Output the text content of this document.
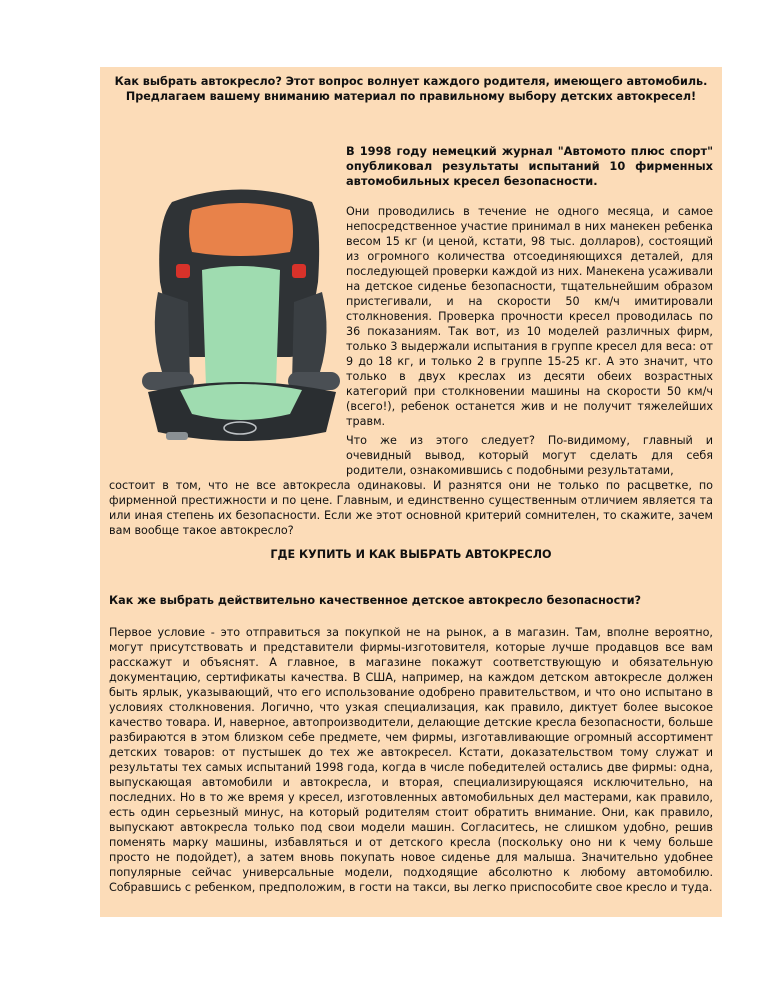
Как выбрать автокресло? Этот вопрос волнует каждого родителя, имеющего автомобиль. Предлагаем вашему вниманию материал по правильному выбору детских автокресел!

В 1998 году немецкий журнал "Автомото плюс спорт" опубликовал результаты испытаний 10 фирменных автомобильных кресел безопасности.

Они проводились в течение не одного месяца, и самое непосредственное участие принимал в них манекен ребенка весом 15 кг (и ценой, кстати, 98 тыс. долларов), состоящий из огромного количества отсоединяющихся деталей, для последующей проверки каждой из них. Манекена усаживали на детское сиденье безопасности, тщательнейшим образом пристегивали, и на скорости 50 км/ч имитировали столкновения. Проверка прочности кресел проводилась по 36 показаниям. Так вот, из 10 моделей различных фирм, только 3 выдержали испытания в группе кресел для веса: от 9 до 18 кг, и только 2 в группе 15-25 кг. А это значит, что только в двух креслах из десяти обеих возрастных категорий при столкновении машины на скорости 50 км/ч (всего!), ребенок останется жив и не получит тяжелейших травм.

Что же из этого следует? По-видимому, главный и очевидный вывод, который могут сделать для себя родители, ознакомившись с подобными результатами,

состоит в том, что не все автокресла одинаковы. И разнятся они не только по расцветке, по фирменной престижности и по цене. Главным, и единственно существенным отличием является та или иная степень их безопасности. Если же этот основной критерий сомнителен, то скажите, зачем вам вообще такое автокресло?

ГДЕ КУПИТЬ И КАК ВЫБРАТЬ АВТОКРЕСЛО

Как же выбрать действительно качественное детское автокресло безопасности?

Первое условие - это отправиться за покупкой не на рынок, а в магазин. Там, вполне вероятно, могут присутствовать и представители фирмы-изготовителя, которые лучше продавцов все вам расскажут и объяснят. А главное, в магазине покажут соответствующую и обязательную документацию, сертификаты качества. В США, например, на каждом детском автокресле должен быть ярлык, указывающий, что его использование одобрено правительством, и что оно испытано в условиях столкновения. Логично, что узкая специализация, как правило, диктует более высокое качество товара. И, наверное, автопроизводители, делающие детские кресла безопасности, больше разбираются в этом близком себе предмете, чем фирмы, изготавливающие огромный ассортимент детских товаров: от пустышек до тех же автокресел. Кстати, доказательством тому служат и результаты тех самых испытаний 1998 года, когда в числе победителей остались две фирмы: одна, выпускающая автомобили и автокресла, и вторая, специализирующаяся исключительно, на последних. Но в то же время у кресел, изготовленных автомобильных дел мастерами, как правило, есть один серьезный минус, на который родителям стоит обратить внимание. Они, как правило, выпускают автокресла только под свои модели машин. Согласитесь, не слишком удобно, решив поменять марку машины, избавляться и от детского кресла (поскольку оно ни к чему больше просто не подойдет), а затем вновь покупать новое сиденье для малыша. Значительно удобнее популярные сейчас универсальные модели, подходящие абсолютно к любому автомобилю. Собравшись с ребенком, предположим, в гости на такси, вы легко приспособите свое кресло и туда.
